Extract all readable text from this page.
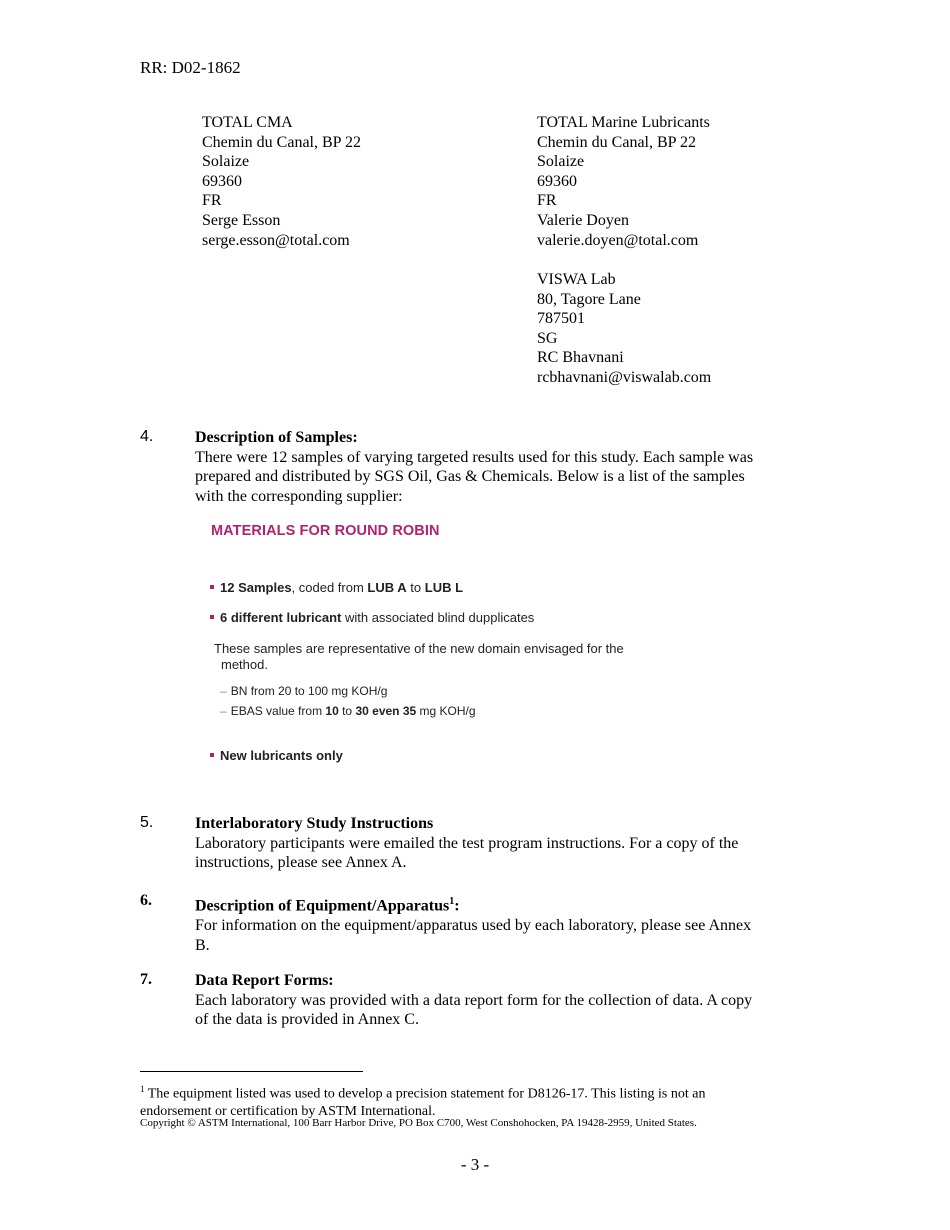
RR: D02-1862
TOTAL CMA
Chemin du Canal, BP 22
Solaize
69360
FR
Serge Esson
serge.esson@total.com
TOTAL Marine Lubricants
Chemin du Canal, BP 22
Solaize
69360
FR
Valerie Doyen
valerie.doyen@total.com
VISWA Lab
80, Tagore Lane
787501
SG
RC Bhavnani
rcbhavnani@viswalab.com
4.	Description of Samples:
There were 12 samples of varying targeted results used for this study. Each sample was
prepared and distributed by SGS Oil, Gas & Chemicals. Below is a list of the samples
with the corresponding supplier:
MATERIALS FOR ROUND ROBIN
12 Samples, coded from LUB A to LUB L
6 different lubricant with associated blind dupplicates
These samples are representative of the new domain envisaged for the
method.
– BN from 20 to 100 mg KOH/g
– EBAS value from 10 to 30 even 35 mg KOH/g
New lubricants only
5.	Interlaboratory Study Instructions
Laboratory participants were emailed the test program instructions. For a copy of the
instructions, please see Annex A.
6.	Description of Equipment/Apparatus$^1$:
For information on the equipment/apparatus used by each laboratory, please see Annex
B.
7.	Data Report Forms:
Each laboratory was provided with a data report form for the collection of data. A copy
of the data is provided in Annex C.
$^1$ The equipment listed was used to develop a precision statement for D8126-17. This listing is not an
endorsement or certification by ASTM International.
Copyright © ASTM International, 100 Barr Harbor Drive, PO Box C700, West Conshohocken, PA 19428-2959, United States.
- 3 -
